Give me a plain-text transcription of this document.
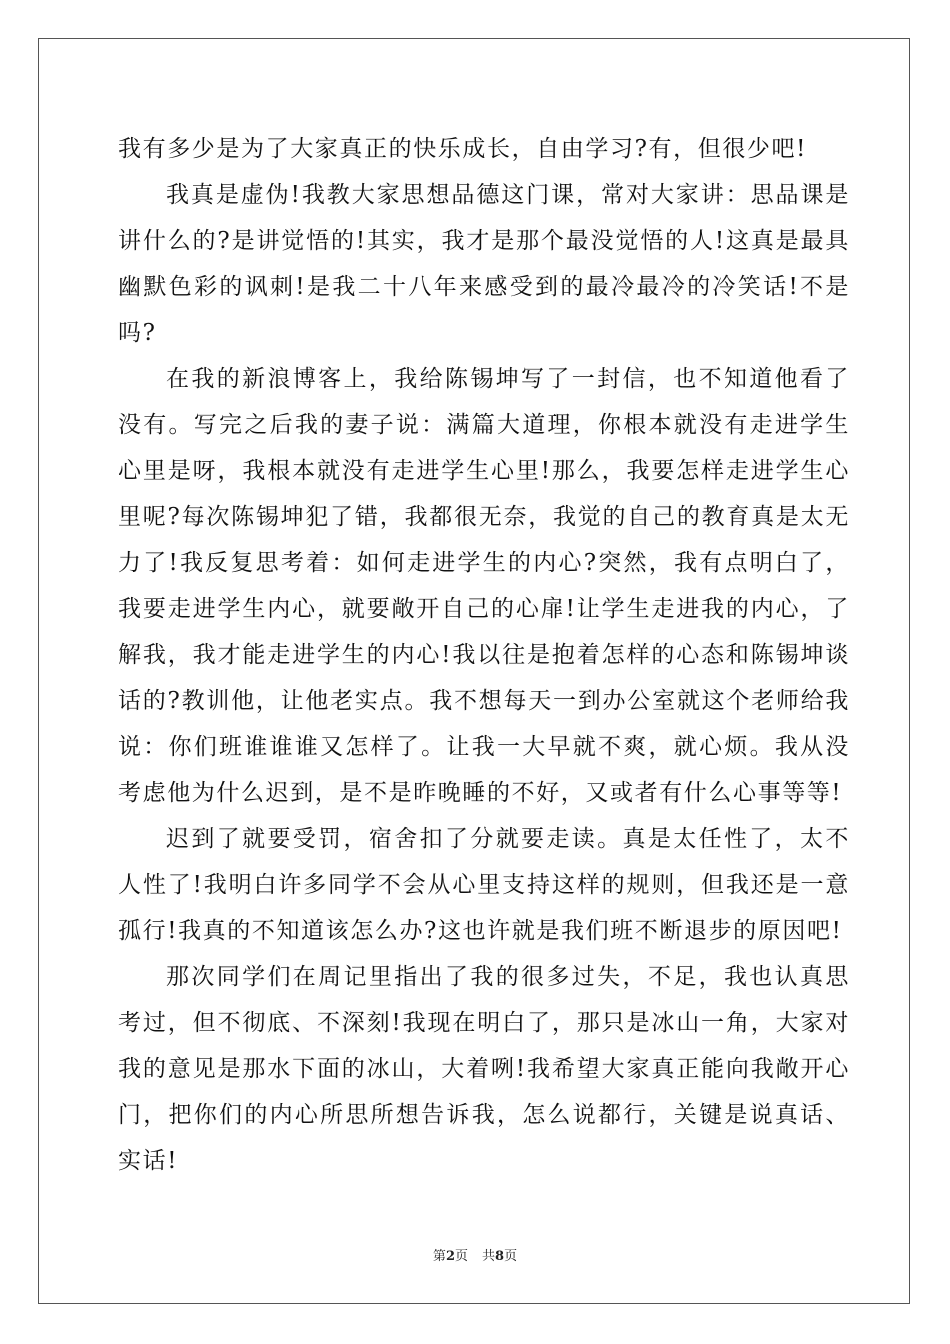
我有多少是为了大家真正的快乐成长，自由学习?有，但很少吧!

我真是虚伪!我教大家思想品德这门课，常对大家讲：思品课是讲什么的?是讲觉悟的!其实，我才是那个最没觉悟的人!这真是最具幽默色彩的讽刺!是我二十八年来感受到的最冷最冷的冷笑话!不是吗?

在我的新浪博客上，我给陈锡坤写了一封信，也不知道他看了没有。写完之后我的妻子说：满篇大道理，你根本就没有走进学生心里是呀，我根本就没有走进学生心里!那么，我要怎样走进学生心里呢?每次陈锡坤犯了错，我都很无奈，我觉的自己的教育真是太无力了!我反复思考着：如何走进学生的内心?突然，我有点明白了，我要走进学生内心，就要敞开自己的心扉!让学生走进我的内心，了解我，我才能走进学生的内心!我以往是抱着怎样的心态和陈锡坤谈话的?教训他，让他老实点。我不想每天一到办公室就这个老师给我说：你们班谁谁谁又怎样了。让我一大早就不爽，就心烦。我从没考虑他为什么迟到，是不是昨晚睡的不好，又或者有什么心事等等!

迟到了就要受罚，宿舍扣了分就要走读。真是太任性了，太不人性了!我明白许多同学不会从心里支持这样的规则，但我还是一意孤行!我真的不知道该怎么办?这也许就是我们班不断退步的原因吧!

那次同学们在周记里指出了我的很多过失，不足，我也认真思考过，但不彻底、不深刻!我现在明白了，那只是冰山一角，大家对我的意见是那水下面的冰山，大着咧!我希望大家真正能向我敞开心门，把你们的内心所思所想告诉我，怎么说都行，关键是说真话、实话!

第2页 共8页
